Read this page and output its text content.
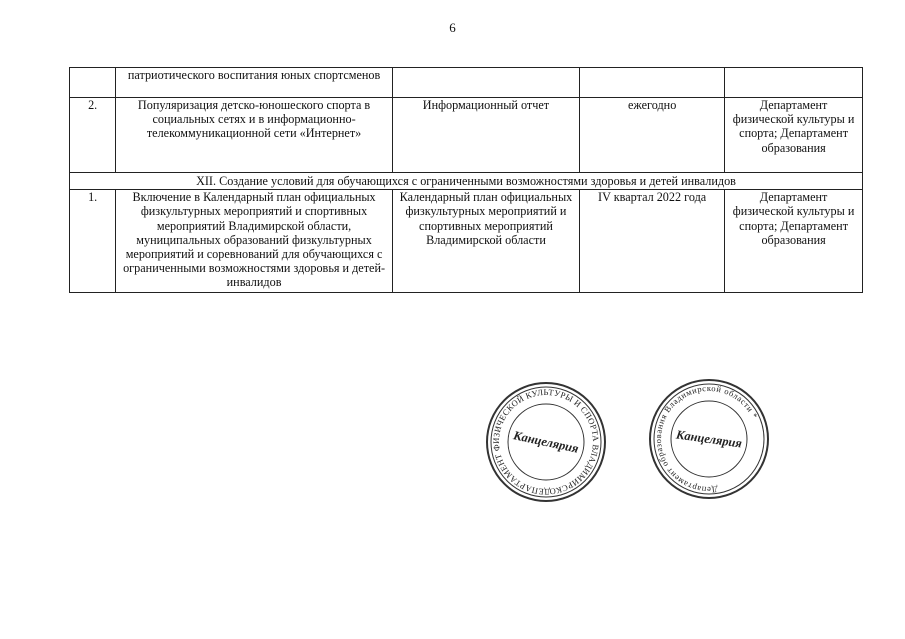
6
	патриотического воспитания юных спортсменов			
2.	Популяризация детско-юношеского спорта в социальных сетях и в информационно-телекоммуникационной сети «Интернет»	Информационный отчет	ежегодно	Департамент физической культуры и спорта; Департамент образования
XII. Создание условий для обучающихся с ограниченными возможностями здоровья и детей инвалидов				
1.	Включение в Календарный план официальных физкультурных мероприятий и спортивных мероприятий Владимирской области, муниципальных образований физкультурных мероприятий и соревнований для обучающихся с ограниченными возможностями здоровья и детей-инвалидов	Календарный план официальных физкультурных мероприятий и спортивных мероприятий Владимирской области	IV квартал 2022 года	Департамент физической культуры и спорта; Департамент образования
ДЕПАРТАМЕНТ ФИЗИЧЕСКОЙ КУЛЬТУРЫ И СПОРТА ВЛАДИМИРСКОЙ
Канцелярия
Департамент образования Владимирской области *
Канцелярия
